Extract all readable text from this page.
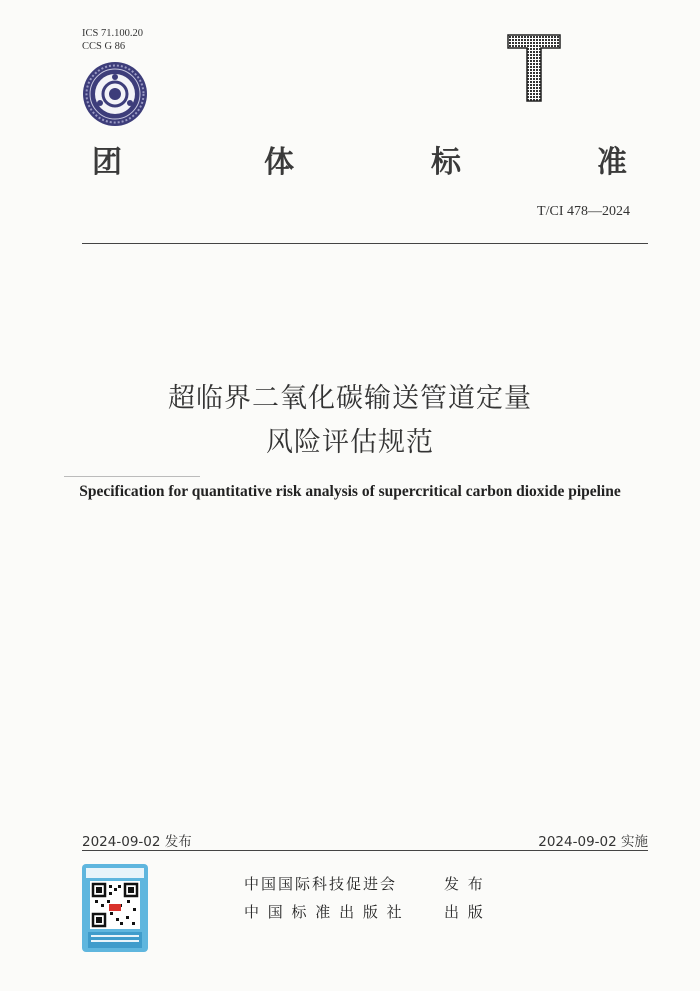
ICS 71.100.20
CCS G 86
团	体	标	准
T/CI 478—2024
超临界二氧化碳输送管道定量
风险评估规范
Specification for quantitative risk analysis of supercritical carbon dioxide pipeline
2024-09-02 发布	2024-09-02 实施
中国国际科技促进会	发 布
中 国 标 准 出 版 社	出 版
